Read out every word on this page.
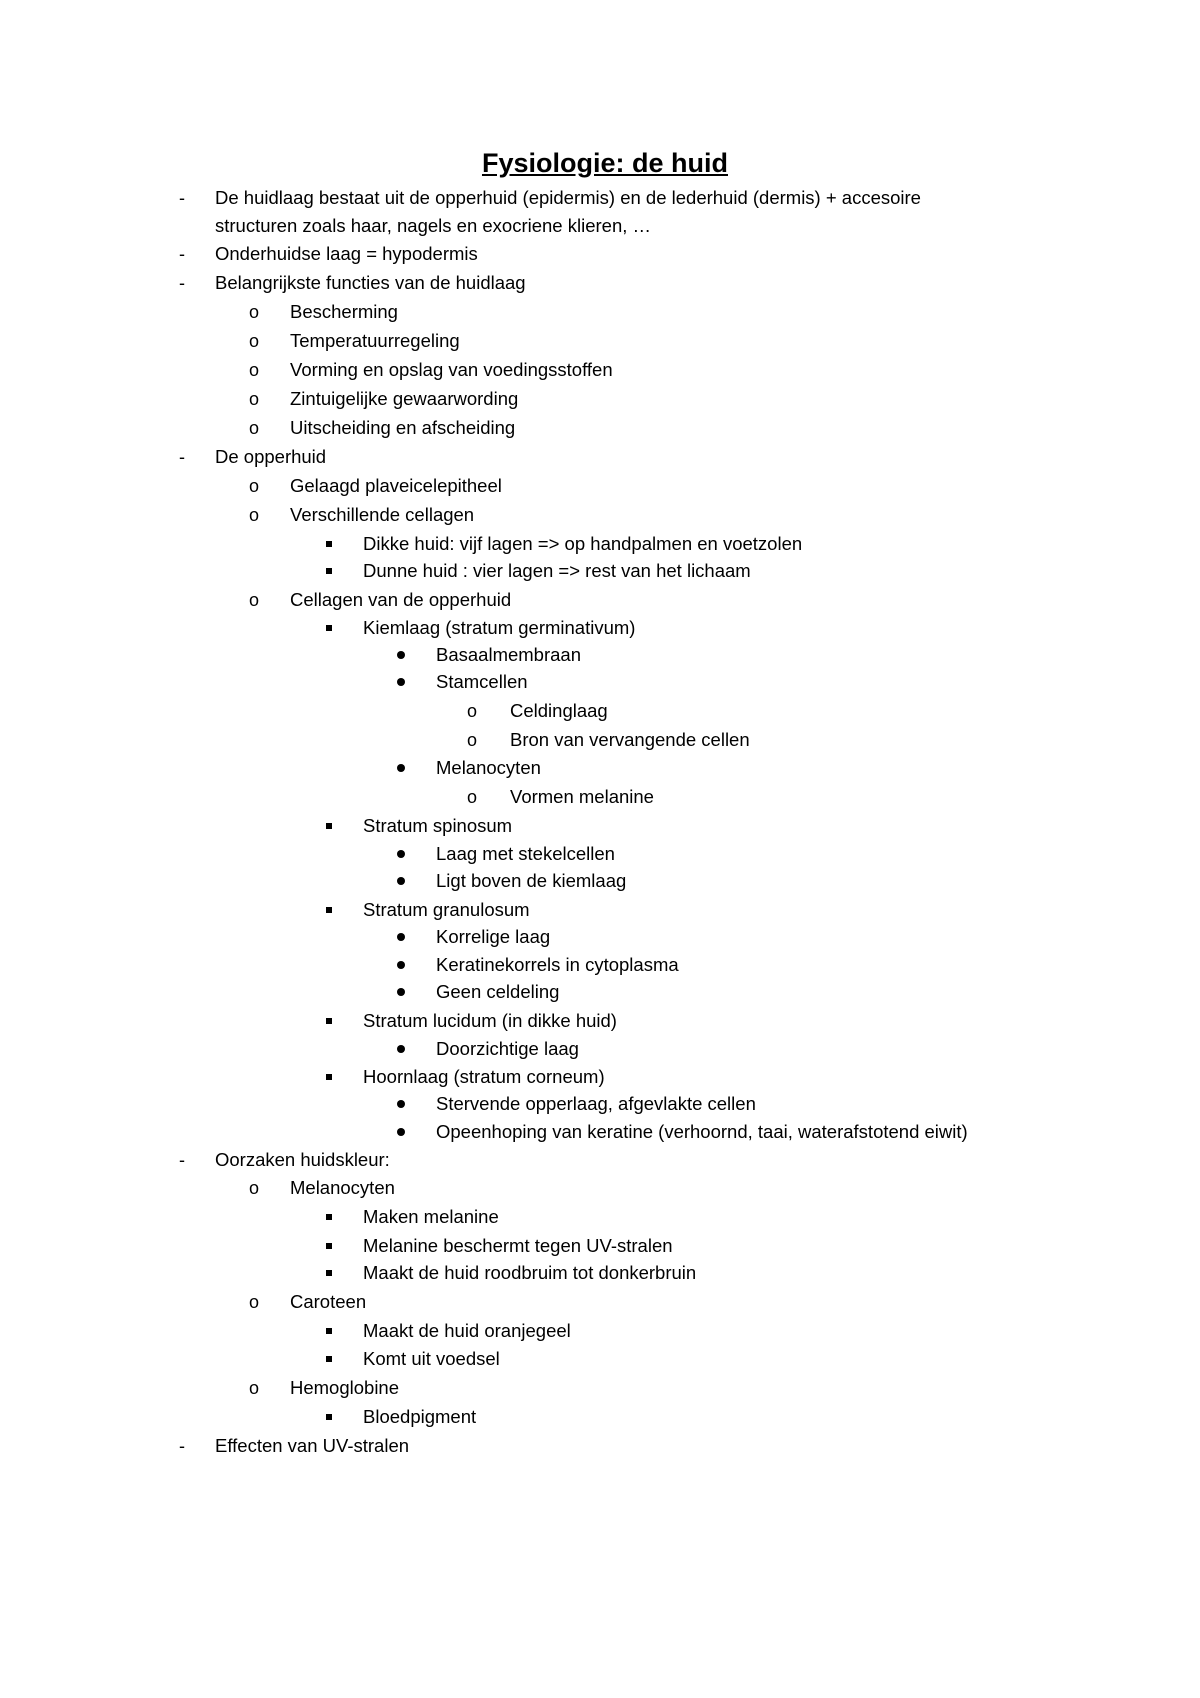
Fysiologie: de huid
- De huidlaag bestaat uit de opperhuid (epidermis) en de lederhuid (dermis) + accesoire
structuren zoals haar, nagels en exocriene klieren, …
- Onderhuidse laag = hypodermis
- Belangrijkste functies van de huidlaag
o Bescherming
o Temperatuurregeling
o Vorming en opslag van voedingsstoffen
o Zintuigelijke gewaarwording
o Uitscheiding en afscheiding
- De opperhuid
o Gelaagd plaveicelepitheel
o Verschillende cellagen
Dikke huid: vijf lagen => op handpalmen en voetzolen
Dunne huid : vier lagen => rest van het lichaam
o Cellagen van de opperhuid
Kiemlaag (stratum germinativum)
Basaalmembraan
Stamcellen
o Celdinglaag
o Bron van vervangende cellen
Melanocyten
o Vormen melanine
Stratum spinosum
Laag met stekelcellen
Ligt boven de kiemlaag
Stratum granulosum
Korrelige laag
Keratinekorrels in cytoplasma
Geen celdeling
Stratum lucidum (in dikke huid)
Doorzichtige laag
Hoornlaag (stratum corneum)
Stervende opperlaag, afgevlakte cellen
Opeenhoping van keratine (verhoornd, taai, waterafstotend eiwit)
- Oorzaken huidskleur:
o Melanocyten
Maken melanine
Melanine beschermt tegen UV-stralen
Maakt de huid roodbruim tot donkerbruin
o Caroteen
Maakt de huid oranjegeel
Komt uit voedsel
o Hemoglobine
Bloedpigment
- Effecten van UV-stralen
